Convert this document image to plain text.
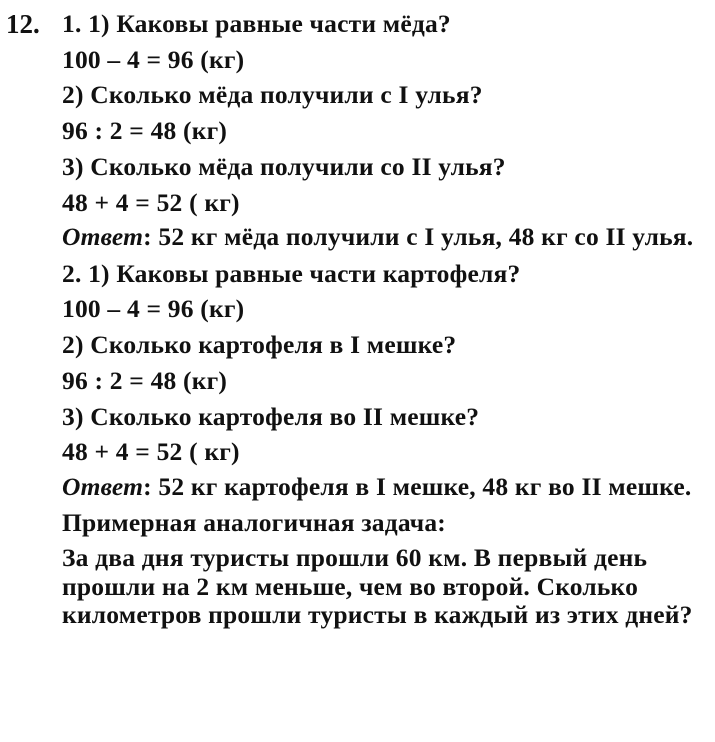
12. 1. 1) Каковы равные части мёда?
100 – 4 = 96 (кг)
2) Сколько мёда получили с I улья?
96 : 2 = 48 (кг)
3) Сколько мёда получили со II улья?
48 + 4 = 52 ( кг)
Ответ: 52 кг мёда получили с I улья, 48 кг со II улья.
2. 1) Каковы равные части картофеля?
100 – 4 = 96 (кг)
2) Сколько картофеля в I мешке?
96 : 2 = 48 (кг)
3) Сколько картофеля во II мешке?
48 + 4 = 52 ( кг)
Ответ: 52 кг картофеля в I мешке, 48 кг во II мешке.
Примерная аналогичная задача:
За два дня туристы прошли 60 км. В первый день прошли на 2 км меньше, чем во второй. Сколько километров прошли туристы в каждый из этих дней?
